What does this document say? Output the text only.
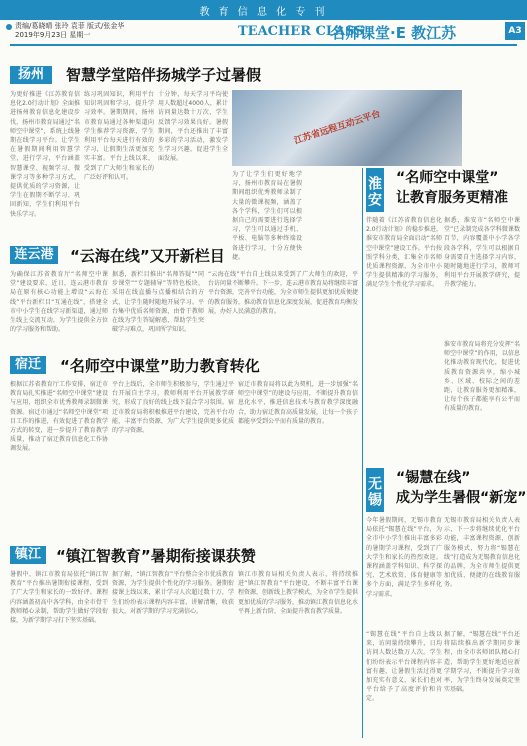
教 育 信 息 化 专 刊
责编/葛晓晴 张玲 袁菲 版式/张金华
2019年9月23日 星期一	TEACHER CLASS
名师课堂·E 教江苏	A3
扬州	智慧学堂陪伴扬城学子过暑假
为更好推进《江苏教育信息化2.0行动计划》全面推进扬州教育信息化建设步伐，扬州市教育局通过“名师空中课堂”，系统上线暑期在线学习平台。让学生在暑假期间利用智慧学堂，进行学习，平台涵盖智慧课堂、视频学习、微课学习等多种学习方式，提供优质的学习资源，让学生在假期不断学习、巩固新知，学生们利用平台快乐学习。
练习巩固知识，利用平台知识巩固和学习，提升学习效率。暑期期间，扬州市教育局通过各种渠道向学生推荐学习资源，学生利用平台每天进行有效的学习，让假期生活更加充实丰富。平台上线以来，受到了广大师生和家长的广泛好评和认可。
十分钟，每天学习平均使用人数超过4000人，累计访问量达数十万次，学生反馈学习效果良好。暑假期间，平台还推出了丰富多彩的学习活动，激发学生学习兴趣，促进学生全面发展。
为了让学生们更好地学习，扬州市教育局在暑假期间组织优秀教师录制了大量的微课视频，涵盖了各个学科，学生们可以根据自己的需要进行选择学习，学生可以通过手机、平板、电脑等多种终端设备进行学习，十分方便快捷。
江苏省远程互动云平台
连云港	“云海在线”又开新栏目
为确保江苏省教育厅“名师空中课堂”建设要求，近日，连云港市教育局在原有核心功能上增设“云海在线”平台新栏目“互通在线”，搭建全市中小学生在线学习新渠道，通过师生线上交流互动，为学生提供全方位的学习服务和帮助。
据悉，新栏目推出“名师答疑”“同步课堂”“专题辅导”等特色板块，采用在线直播与点播相结合的方式，让学生随时随地开展学习。平台集中优质名师资源，由骨干教师在线为学生答疑解惑，帮助学生突破学习难点，巩固所学知识。
“云海在线”平台自上线以来受到了广大师生的欢迎，平台访问量不断攀升。下一步，连云港市教育局将继续丰富平台资源，完善平台功能，为全市师生提供更加优质便捷的教育服务，推动教育信息化深度发展，促进教育均衡发展，办好人民满意的教育。
宿迁	“名师空中课堂”助力教育转化
根据江苏省教育厅工作安排，宿迁市教育局扎实推进“名师空中课堂”建设与应用，组织全市优秀教师录制微课资源。宿迁市通过“名师空中课堂”项目工作的推进，有效促进了教育教学方式的转变，进一步提升了教育教学质量，推动了宿迁教育信息化工作协调发展。
平台上线后，全市师生积极参与，学生通过平台开展自主学习，教师利用平台开展教学研究，形成了良好的线上线下混合学习氛围。宿迁市教育局将积极推进平台建设，完善平台功能，丰富平台资源，为广大学生提供更多优质的学习资源。
宿迁市教育局将以此为契机，进一步加强“名师空中课堂”的建设与应用，不断提升教育信息化水平，推进信息技术与教育教学深度融合，助力宿迁教育高质量发展，让每一个孩子都能享受到公平而有质量的教育。
镇江	“镇江智教育”暑期衔接课获赞
暑假中，镇江市教育局依托“镇江智教育”平台推出暑期衔接课程，受到了广大学生和家长的一致好评。课程内容涵盖初高中各学科，由全市骨干教师精心录制，帮助学生做好学段衔接，为新学期学习打下坚实基础。
据了解，“镇江智教育”平台整合全市优质教育资源，为学生提供个性化的学习服务。暑期衔接课上线以来，累计学习人次超过数十万，学生们纷纷表示课程内容丰富，讲解清晰，收获很大，对新学期的学习充满信心。
镇江市教育局相关负责人表示，将持续推进“镇江智教育”平台建设，不断丰富平台课程资源，创新线上教学模式，为全市学生提供更加优质的学习服务，推动镇江教育信息化水平再上新台阶，全面提升教育教学质量。
淮安 “名师空中课堂”
让教育服务更精准
伴随着《江苏省教育信息化2.0行动计划》的稳步推进，淮安市教育局全面启动“名师空中课堂”建设工作。平台按照学科分类，汇集全市名师优质课程资源，为全市中小学生提供精准的学习服务，满足学生个性化学习需求。
据悉，淮安市“名师空中课堂”已录制完成各学科微课数百节，内容覆盖中小学各学段各学科，学生可以根据自身需要自主选择学习内容，随时随地进行学习，教师可利用平台开展教学研究，提升教学能力。
淮安市教育局将充分发挥“名师空中课堂”的作用，以信息化推动教育现代化，促进优质教育资源共享，缩小城乡、区域、校际之间的差距，让教育服务更加精准，让每个孩子都能享有公平而有质量的教育。
无锡 “锡慧在线”
成为学生暑假“新宠”
今年暑假期间，无锡市教育局依托“锡慧在线”平台，为全市中小学生推出丰富多彩的暑期学习课程，受到了广大学生和家长的热烈欢迎。课程涵盖学科知识、科学探究、艺术欣赏、体育健康等多个方面，满足学生多样化学习需求。
“锡慧在线”平台自上线以来，访问量持续攀升，日均访问人数达数万人次。学生们纷纷表示平台课程内容丰富有趣，让暑假生活过得更加充实有意义，家长们也对平台给予了高度评价和肯定。
无锡市教育局相关负责人表示，下一步将继续优化平台功能，丰富课程资源，创新服务模式，努力将“锡慧在线”打造成为无锡教育信息化的品牌，为全市师生提供更加优质、便捷的在线教育服务。
据了解，“锡慧在线”平台还将陆续推出新学期同步课程，由全市名师团队精心打造，帮助学生更好地适应新学期学习，不断提升学习效率，为学生终身发展奠定坚实基础。
